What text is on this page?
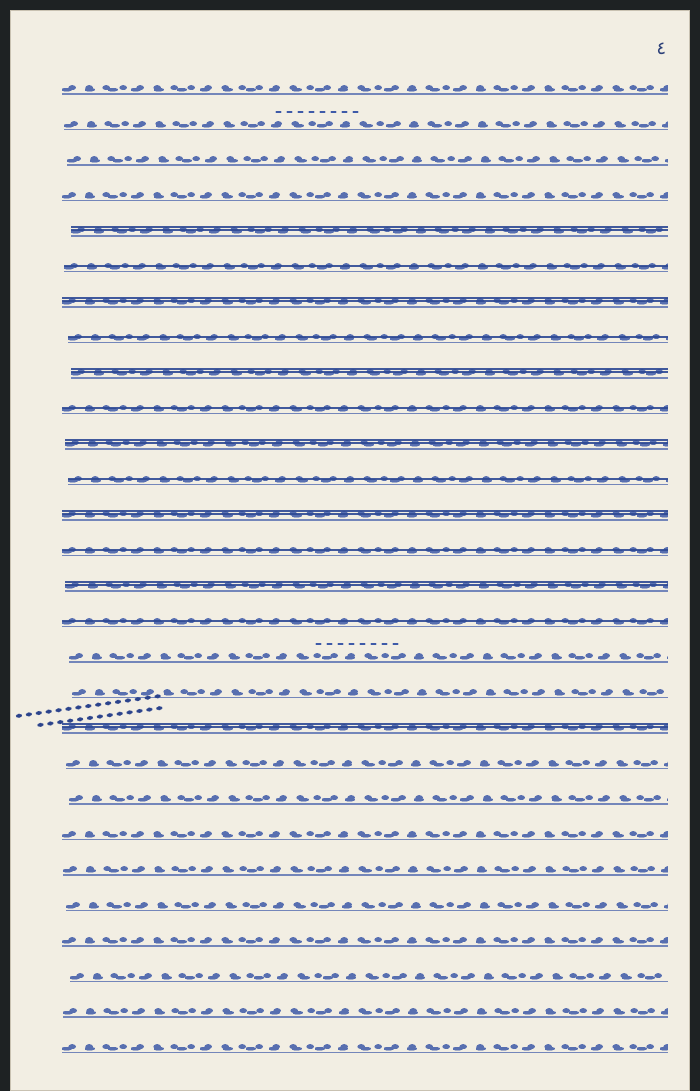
٤
